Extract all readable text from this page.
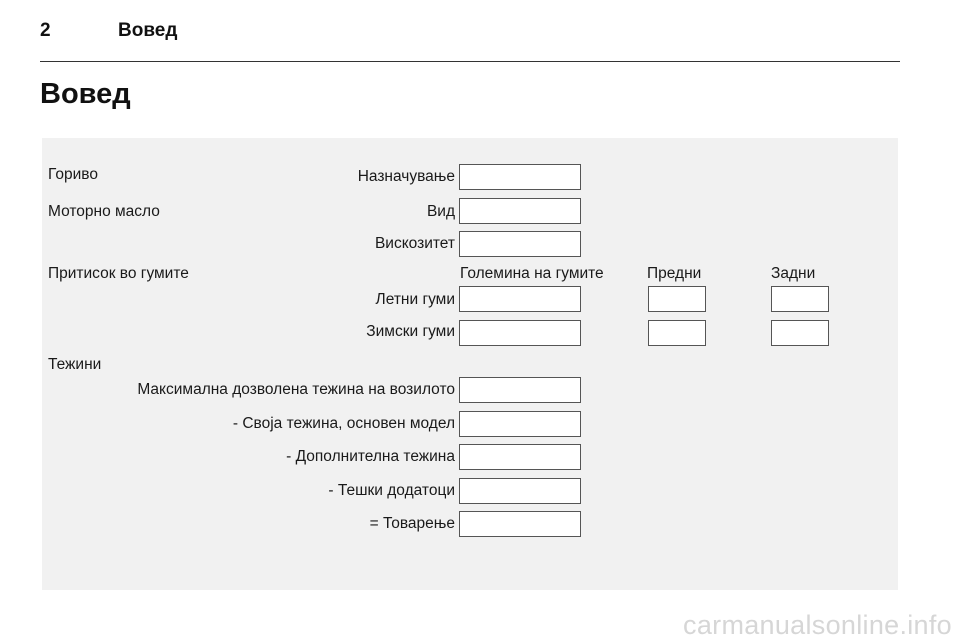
2	Вовед
Вовед
Гориво	Назначување
Моторно масло	Вид
Вискозитет
Притисок во гумите	Големина на гумите	Предни	Задни
Летни гуми
Зимски гуми
Тежини
Максимална дозволена тежина на возилото
- Своја тежина, основен модел
- Дополнителна тежина
- Тешки додатоци
= Товарење
carmanualsonline.info
